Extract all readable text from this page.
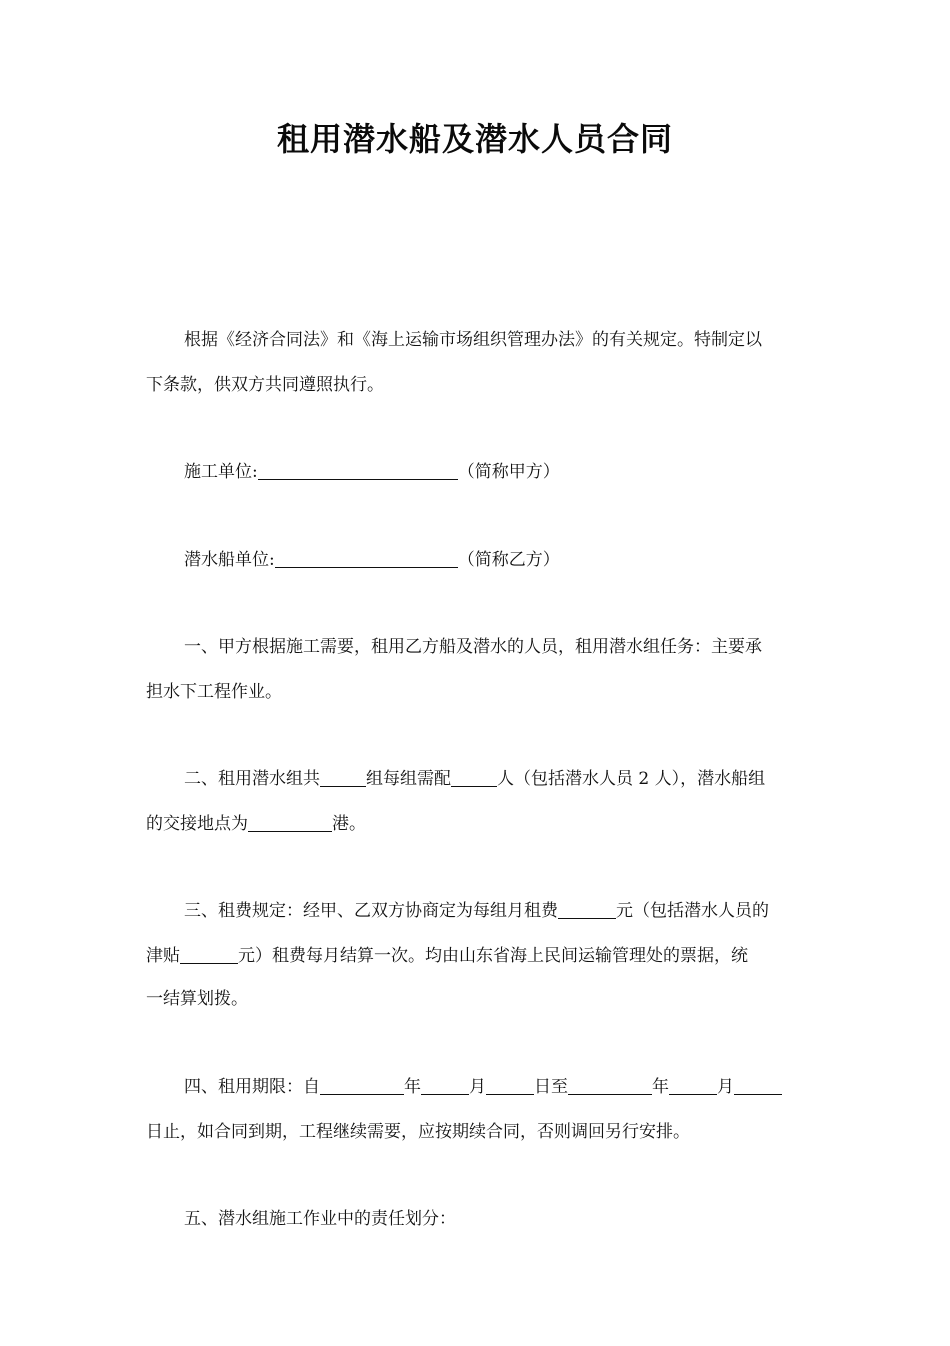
租用潜水船及潜水人员合同
根据《经济合同法》和《海上运输市场组织管理办法》的有关规定。特制定以
下条款，供双方共同遵照执行。
施工单位:	（简称甲方）
潜水船单位:	（简称乙方）
一、甲方根据施工需要，租用乙方船及潜水的人员，租用潜水组任务：主要承
担水下工程作业。
二、租用潜水组共	组每组需配	人（包括潜水人员 2 人），潜水船组
的交接地点为	港。
三、租费规定：经甲、乙双方协商定为每组月租费	元（包括潜水人员的
津贴	元）租费每月结算一次。均由山东省海上民间运输管理处的票据，统
一结算划拨。
四、租用期限：自	年	月	日至	年	月
日止，如合同到期，工程继续需要，应按期续合同，否则调回另行安排。
五、潜水组施工作业中的责任划分：
